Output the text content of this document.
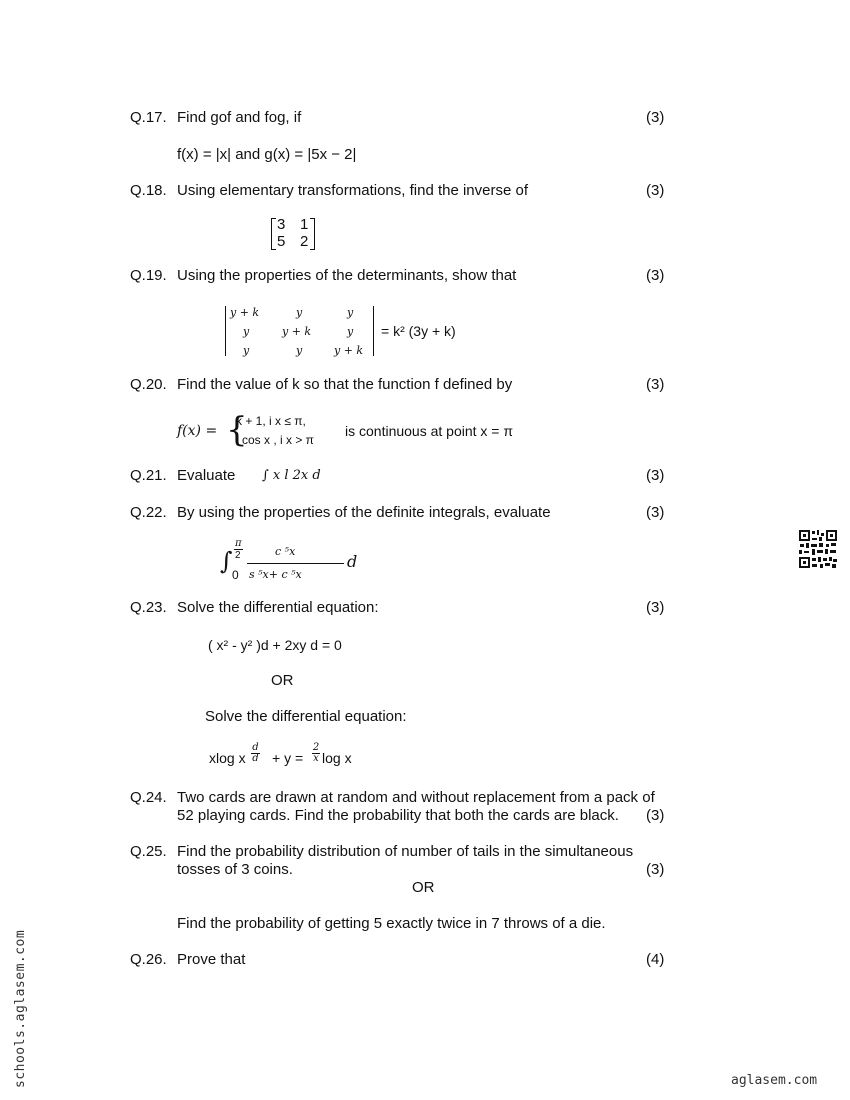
Q.17. Find gof and fog, if	(3)
f(x) = |x| and g(x) = |5x − 2|
Q.18. Using elementary transformations, find the inverse of	(3)
3 1
5 2
Q.19. Using the properties of the determinants, show that	(3)
y + k	y	y
y	y + k	y
y	y	y + k
= k² (3y + k)
Q.20. Find the value of k so that the function f defined by	(3)
f(x) = {
k + 1, i x ≤ π,
cos x , i x > π
is continuous at point x = π
Q.21. Evaluate	(3)
∫ x l 2x d
Q.22. By using the properties of the definite integrals, evaluate	(3)
∫
π
2
0
c ⁵x
s ⁵x+ c ⁵x
d
Q.23. Solve the differential equation:	(3)
( x² - y² )d + 2xy d = 0
OR
Solve the differential equation:
xlog x
d
d + y =
2
x log x
Q.24. Two cards are drawn at random and without replacement from a pack of
52 playing cards. Find the probability that both the cards are black. (3)
Q.25. Find the probability distribution of number of tails in the simultaneous
tosses of 3 coins.	(3)
OR
Find the probability of getting 5 exactly twice in 7 throws of a die.
Q.26. Prove that	(4)
schools.aglasem.com	aglasem.com
